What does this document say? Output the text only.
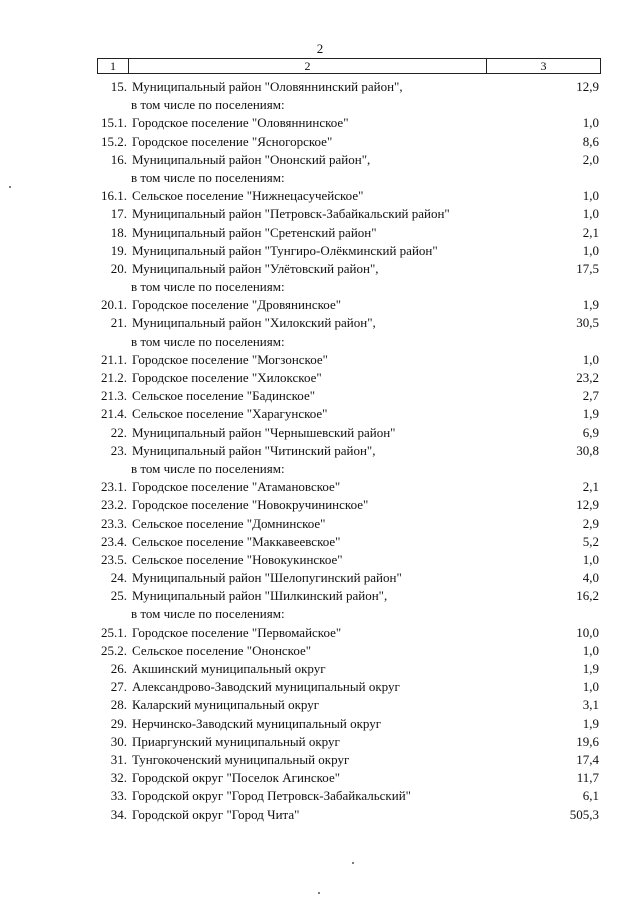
2
1	2	3
15. Муниципальный район "Оловяннинский район",	12,9
в том числе по поселениям:
15.1. Городское поселение "Оловяннинское"	1,0
15.2. Городское поселение "Ясногорское"	8,6
16. Муниципальный район "Ононский район",	2,0
в том числе по поселениям:
16.1. Сельское поселение "Нижнецасучейское"	1,0
17. Муниципальный район "Петровск-Забайкальский район"	1,0
18. Муниципальный район "Сретенский район"	2,1
19. Муниципальный район "Тунгиро-Олёкминский район"	1,0
20. Муниципальный район "Улётовский район",	17,5
в том числе по поселениям:
20.1. Городское поселение "Дровянинское"	1,9
21. Муниципальный район "Хилокский район",	30,5
в том числе по поселениям:
21.1. Городское поселение "Могзонское"	1,0
21.2. Городское поселение "Хилокское"	23,2
21.3. Сельское поселение "Бадинское"	2,7
21.4. Сельское поселение "Харагунское"	1,9
22. Муниципальный район "Чернышевский район"	6,9
23. Муниципальный район "Читинский район",	30,8
в том числе по поселениям:
23.1. Городское поселение "Атамановское"	2,1
23.2. Городское поселение "Новокручининское"	12,9
23.3. Сельское поселение "Домнинское"	2,9
23.4. Сельское поселение "Маккавеевское"	5,2
23.5. Сельское поселение "Новокукинское"	1,0
24. Муниципальный район "Шелопугинский район"	4,0
25. Муниципальный район "Шилкинский район",	16,2
в том числе по поселениям:
25.1. Городское поселение "Первомайское"	10,0
25.2. Сельское поселение "Ононское"	1,0
26. Акшинский муниципальный округ	1,9
27. Александрово-Заводский муниципальный округ	1,0
28. Каларский муниципальный округ	3,1
29. Нерчинско-Заводский муниципальный округ	1,9
30. Приаргунский муниципальный округ	19,6
31. Тунгокоченский муниципальный округ	17,4
32. Городской округ "Поселок Агинское"	11,7
33. Городской округ "Город Петровск-Забайкальский"	6,1
34. Городской округ "Город Чита"	505,3
